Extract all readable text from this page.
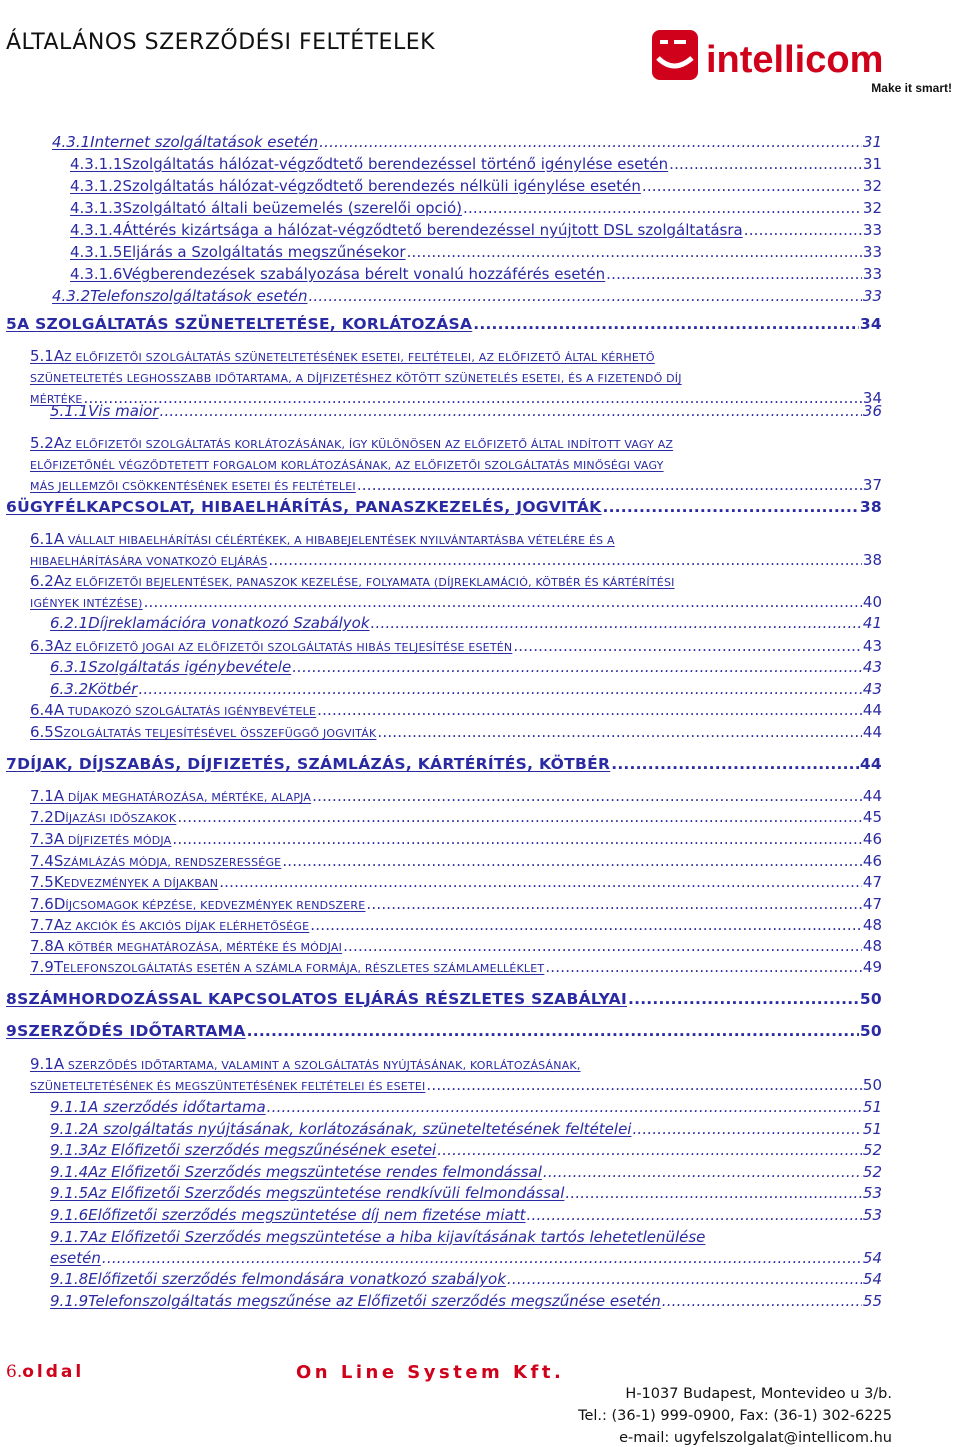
ÁLTALÁNOS SZERZŐDÉSI FELTÉTELEK	intellicom
Make it smart!
4.3.1Internet szolgáltatások esetén .....	31
4.3.1.1Szolgáltatás hálózat-végződtető berendezéssel történő igénylése esetén .....	31
4.3.1.2Szolgáltatás hálózat-végződtető berendezés nélküli igénylése esetén .....	32
4.3.1.3Szolgáltató általi beüzemelés (szerelői opció) .....	32
4.3.1.4Áttérés kizártsága a hálózat-végződtető berendezéssel nyújtott DSL szolgáltatásra .....	33
4.3.1.5Eljárás a Szolgáltatás megszűnésekor .....	33
4.3.1.6Végberendezések szabályozása bérelt vonalú hozzáférés esetén .....	33
4.3.2Telefonszolgáltatások esetén .....	33
5A SZOLGÁLTATÁS SZÜNETELTETÉSE, KORLÁTOZÁSA .....	34
5.1AZ ELŐFIZETŐI SZOLGÁLTATÁS SZÜNETELTETÉSÉNEK ESETEI, FELTÉTELEI, AZ ELŐFIZETŐ ÁLTAL KÉRHETŐ
SZÜNETELTETÉS LEGHOSSZABB IDŐTARTAMA, A DÍJFIZETÉSHEZ KÖTÖTT SZÜNETELÉS ESETEI, ÉS A FIZETENDŐ DÍJ
MÉRTÉKE .....	34
5.1.1Vis maior .....	36
5.2AZ ELŐFIZETŐI SZOLGÁLTATÁS KORLÁTOZÁSÁNAK, ÍGY KÜLÖNÖSEN AZ ELŐFIZETŐ ÁLTAL INDÍTOTT VAGY AZ
ELŐFIZETŐNÉL VÉGZŐDTETETT FORGALOM KORLÁTOZÁSÁNAK, AZ ELŐFIZETŐI SZOLGÁLTATÁS MINŐSÉGI VAGY
MÁS JELLEMZŐI CSÖKKENTÉSÉNEK ESETEI ÉS FELTÉTELEI .....	37
6ÜGYFÉLKAPCSOLAT, HIBAELHÁRÍTÁS, PANASZKEZELÉS, JOGVITÁK .....	38
6.1A VÁLLALT HIBAELHÁRÍTÁSI CÉLÉRTÉKEK, A HIBABEJELENTÉSEK NYILVÁNTARTÁSBA VÉTELÉRE ÉS A
HIBAELHÁRÍTÁSÁRA VONATKOZÓ ELJÁRÁS .....	38
6.2AZ ELŐFIZETŐI BEJELENTÉSEK, PANASZOK KEZELÉSE, FOLYAMATA (DÍJREKLAMÁCIÓ, KÖTBÉR ÉS KÁRTÉRÍTÉSI
IGÉNYEK INTÉZÉSE) .....	40
6.2.1Díjreklamációra vonatkozó Szabályok .....	41
6.3AZ ELŐFIZETŐ JOGAI AZ ELŐFIZETŐI SZOLGÁLTATÁS HIBÁS TELJESÍTÉSE ESETÉN .....	43
6.3.1Szolgáltatás igénybevétele .....	43
6.3.2Kötbér .....	43
6.4A TUDAKOZÓ SZOLGÁLTATÁS IGÉNYBEVÉTELE .....	44
6.5SZOLGÁLTATÁS TELJESÍTÉSÉVEL ÖSSZEFÜGGŐ JOGVITÁK .....	44
7DÍJAK, DÍJSZABÁS, DÍJFIZETÉS, SZÁMLÁZÁS, KÁRTÉRÍTÉS, KÖTBÉR .....	44
7.1A DÍJAK MEGHATÁROZÁSA, MÉRTÉKE, ALAPJA .....	44
7.2DÍJAZÁSI IDŐSZAKOK .....	45
7.3A DÍJFIZETÉS MÓDJA .....	46
7.4SZÁMLÁZÁS MÓDJA, RENDSZERESSÉGE .....	46
7.5KEDVEZMÉNYEK A DÍJAKBAN .....	47
7.6DÍJCSOMAGOK KÉPZÉSE, KEDVEZMÉNYEK RENDSZERE .....	47
7.7AZ AKCIÓK ÉS AKCIÓS DÍJAK ELÉRHETŐSÉGE .....	48
7.8A KÖTBÉR MEGHATÁROZÁSA, MÉRTÉKE ÉS MÓDJAI .....	48
7.9TELEFONSZOLGÁLTATÁS ESETÉN A SZÁMLA FORMÁJA, RÉSZLETES SZÁMLAMELLÉKLET .....	49
8SZÁMHORDOZÁSSAL KAPCSOLATOS ELJÁRÁS RÉSZLETES SZABÁLYAI .....	50
9SZERZŐDÉS IDŐTARTAMA .....	50
9.1A SZERZŐDÉS IDŐTARTAMA, VALAMINT A SZOLGÁLTATÁS NYÚJTÁSÁNAK, KORLÁTOZÁSÁNAK,
SZÜNETELTETÉSÉNEK ÉS MEGSZÜNTETÉSÉNEK FELTÉTELEI ÉS ESETEI .....	50
9.1.1A szerződés időtartama .....	51
9.1.2A szolgáltatás nyújtásának, korlátozásának, szüneteltetésének feltételei .....	51
9.1.3Az Előfizetői szerződés megszűnésének esetei .....	52
9.1.4Az Előfizetői Szerződés megszüntetése rendes felmondással .....	52
9.1.5Az Előfizetői Szerződés megszüntetése rendkívüli felmondással .....	53
9.1.6Előfizetői szerződés megszüntetése díj nem fizetése miatt .....	53
9.1.7Az Előfizetői Szerződés megszüntetése a hiba kijavításának tartós lehetetlenülése
esetén .....	54
9.1.8Előfizetői szerződés felmondására vonatkozó szabályok .....	54
9.1.9Telefonszolgáltatás megszűnése az Előfizetői szerződés megszűnése esetén .....	55
6.oldal	On Line System Kft.
H-1037 Budapest, Montevideo u 3/b.
Tel.: (36-1) 999-0900, Fax: (36-1) 302-6225
e-mail: ugyfelszolgalat@intellicom.hu
